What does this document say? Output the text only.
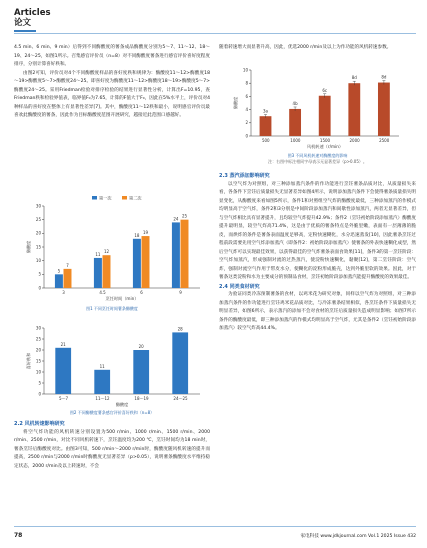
Articles
论文

4.5 min、6 min、9 min）后得到不同酶酸度的薯条成品酶酸度分别为5～7、11～12、18～19、24～25，如图1所示。召集感官评价员（n=8）对不同酶酸度薯条进行感官评价喜好度程度排序，分别计算喜好秩和。

由图2可知，评价员对4个不同酶酸度样品的喜好度秩和规律为：酶酸度11～12>酶酸度18～19>酶酸度5～7>酶酸度24～25。即喜好度为酶酸度11～12>酶酸度18～19>酶酸度5～7>酶酸度24～25。采用Friedman检验对排序检验的结果进行显著性分析，计算出F=10.95，查Friedman秩和检验界值表，临界值F₀为7.65，计算的F值大于F₀，因此在5%水平上，评价员对4种样品的喜好度在整体上有显著性差异[7]。其中，酶酸度11～12秩和最小，说明感官评价员最喜欢此酶酸度的薯条，因此作为目标酶酸度范围开展研究，越接近此范围口感越好。

0
5
10
15
20
25
30
3
5
7
4.5
11
12
6
18
19
9
24
25
烹饪时间（min）
酶酸度
第一次	第二次
图1 不同烹饪时间薯条酶酸度
0
5
10
15
20
25
30
5～7
21
11～12
11
18～19
20
24～25
28
酶酸度
喜好秩和
图2 不同酶酸度薯条感官评价喜好秩和（n=8）

2.2 风机转速影响研究

将空气炸功能的风机转速分别设置为500 r/min、1000 r/min、1500 r/min、2000 r/min、2500 r/min，对比不同风机转速下，烹饪温度均为200 ℃，烹饪时间均为18 min时，薯条烹饪后酶酸度对比。由图3可知，500 r/min～2000 r/min时，酶酸度随风机转速的提升而提高，2500 r/min与2000 r/min时酶酸度无显著差异（p>0.05），说明薯条酶酸度水平维持稳定状态，2000 r/min及以上转速时，不会

随着转速增大而显著升高，因此，优选2000 r/min及以上为作功能的风机转速参数。

0
2
4
6
8
10
500
3a
1000
4b
1500
6c
2000
8d
2500
8d
风机转速（r/min）
酶酸度
图3 不同风机转速对酶酸度的影响
注：右图中标注相同字母表示无显著差异（p>0.05）。

2.3 蒸汽添加影响研究

以空气炸为对照组，对三种添加蒸汽条件的作功能进行烹饪薯条品质对比，从质量损失来看，各条件下烹饪后质量损失无显著差异如图4所示，说明添加蒸汽条件下会使得薯条质量损失明显变化，从酶酸度来看如图5所示，条件1和对照组空气炸的酶酸度最低，三种添加蒸汽的作模式均明显高于空气炸，条件2和3分别是中间阶段添加蒸汽和间歇性添加蒸汽，两者无显著差异，但与空气炸相比具有显著提升，且均较空气炸提升42.9%；条件2（烹饪初始阶段添加蒸汽）酶酸度提升最明显，较空气炸高71.4%，这是由于优质的薯条特点是外脆里嫩，表面有一层薄薄的脆皮，而烘炸的条件是薯条表面温度足够高，定粉快速糊化，水分迅速蒸发[10]，因此薯条烹饪过程前段需要先用空气炸添加蒸汽（即条件2：初始阶段添加蒸汽）使薯条的外表快速糊化成型，然后空气炸可以实现最佳效果，以获得最佳的空气炸薯条表面食效果[11]，条件3的第一烹饪阶段：空气炸加蒸汽，形成强制对流的过热蒸汽，使淀粉快速糊化，黏聚[12]，第二烹饪阶段：空气炸，强制对流空气作用于带皮水分，使糊化的淀粉形成脆壳，达到外脆里软的效果。因此，对于薯条这类淀粉和水为主要成分的预制品食材，烹饪初始阶段添加蒸汽能提升酶酸度的效果最佳。

2.4 同类食材研究

为验证同类冷冻预制薯条的食材，以鸡米花为研究对象，同样以空气炸为对照组，对三种添加蒸汽条件的作功能进行烹饪鸡米花品质对比，与冷冻薯条结果相似，各烹饪条件下质量损失无明显差异，如图6所示，表示蒸汽的添加不会对食材的烹饪后质量损失造成明显影响；如图7所示条件的酶酸度最低，即三种添加蒸汽的作模式均明显高于空气炸，尤其是条件2（烹饪初始阶段添加蒸汽）较空气炸高44.4%。

78	家电科技 www.jdkjournal.com Vol.1 2025 Issue 432
